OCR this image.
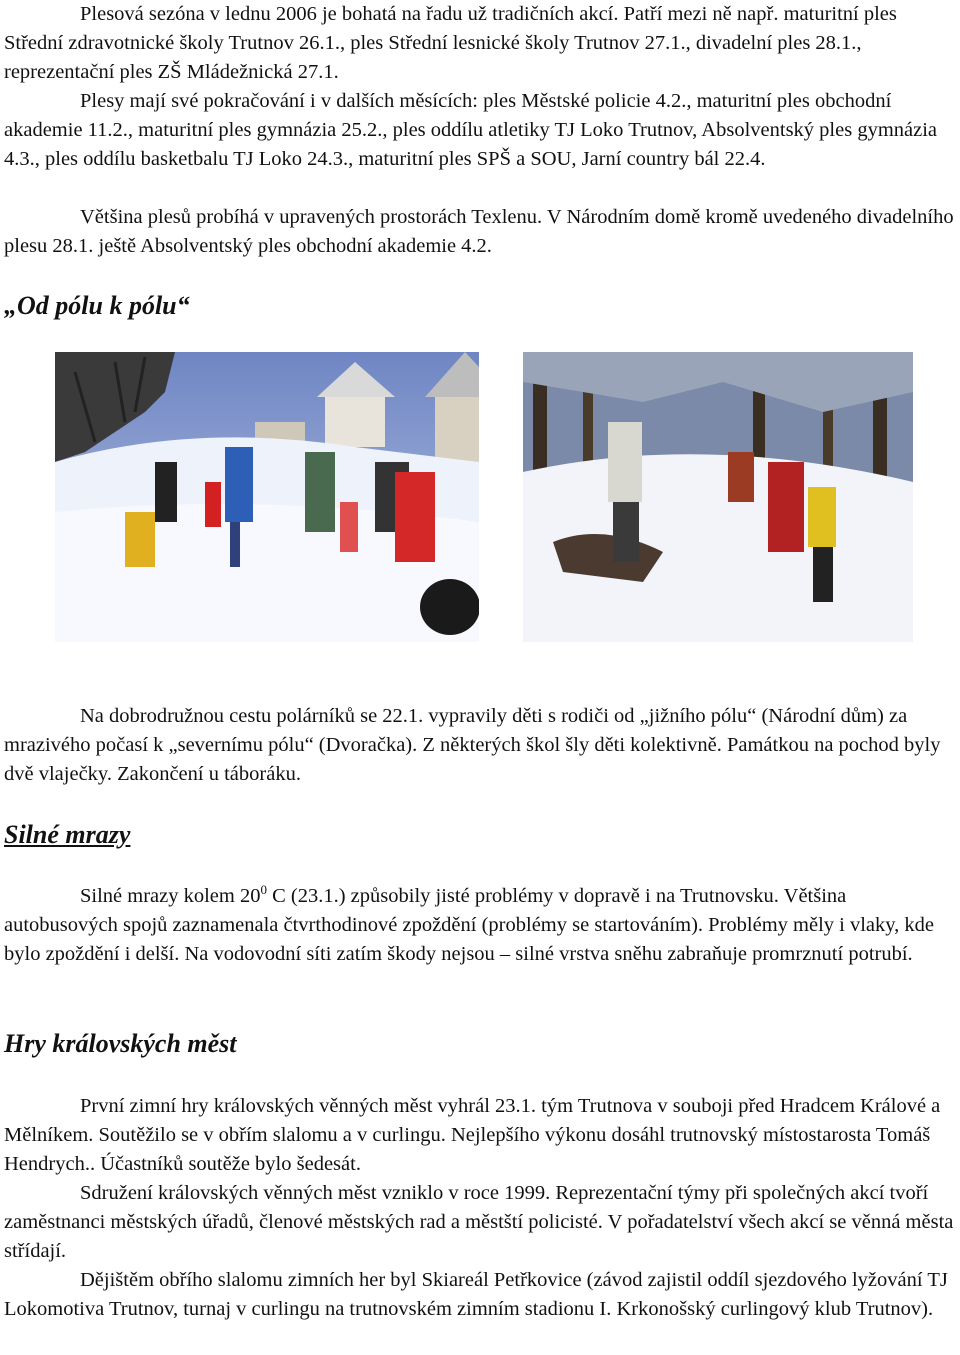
Plesová sezóna v lednu 2006 je bohatá na řadu už tradičních akcí. Patří mezi ně např. maturitní ples Střední zdravotnické školy Trutnov 26.1., ples Střední lesnické školy Trutnov 27.1., divadelní ples 28.1., reprezentační ples ZŠ Mládežnická 27.1.

Plesy mají své pokračování i v dalších měsících: ples Městské policie 4.2., maturitní ples obchodní akademie 11.2., maturitní ples gymnázia 25.2., ples oddílu atletiky TJ Loko Trutnov, Absolventský ples gymnázia 4.3., ples oddílu basketbalu TJ Loko 24.3., maturitní ples SPŠ a SOU, Jarní country bál 22.4.

Většina plesů probíhá v upravených prostorách Texlenu. V Národním domě kromě uvedeného divadelního plesu 28.1. ještě Absolventský ples obchodní akademie 4.2.

„Od pólu k pólu“

Na dobrodružnou cestu polárníků se 22.1. vypravily děti s rodiči od „jižního pólu“ (Národní dům) za mrazivého počasí k „severnímu pólu“ (Dvoračka). Z některých škol šly děti kolektivně. Památkou na pochod byly dvě vlaječky. Zakončení u táboráku.

Silné mrazy

Silné mrazy kolem $20^0$ C (23.1.) způsobily jisté problémy v dopravě i na Trutnovsku. Většina autobusových spojů zaznamenala čtvrthodinové zpoždění (problémy se startováním). Problémy měly i vlaky, kde bylo zpoždění i delší. Na vodovodní síti zatím škody nejsou – silné vrstva sněhu zabraňuje promrznutí potrubí.

Hry královských měst

První zimní hry královských věnných měst vyhrál 23.1. tým Trutnova v souboji před Hradcem Králové a Mělníkem. Soutěžilo se v obřím slalomu a v curlingu. Nejlepšího výkonu dosáhl trutnovský místostarosta Tomáš Hendrych.. Účastníků soutěže bylo šedesát.

Sdružení královských věnných měst vzniklo v roce 1999. Reprezentační týmy při společných akcí tvoří zaměstnanci městských úřadů, členové městských rad a městští policisté. V pořadatelství všech akcí se věnná města střídají.

Dějištěm obřího slalomu zimních her byl Skiareál Petřkovice (závod zajistil oddíl sjezdového lyžování TJ Lokomotiva Trutnov, turnaj v curlingu na trutnovském zimním stadionu I. Krkonošský curlingový klub Trutnov).
